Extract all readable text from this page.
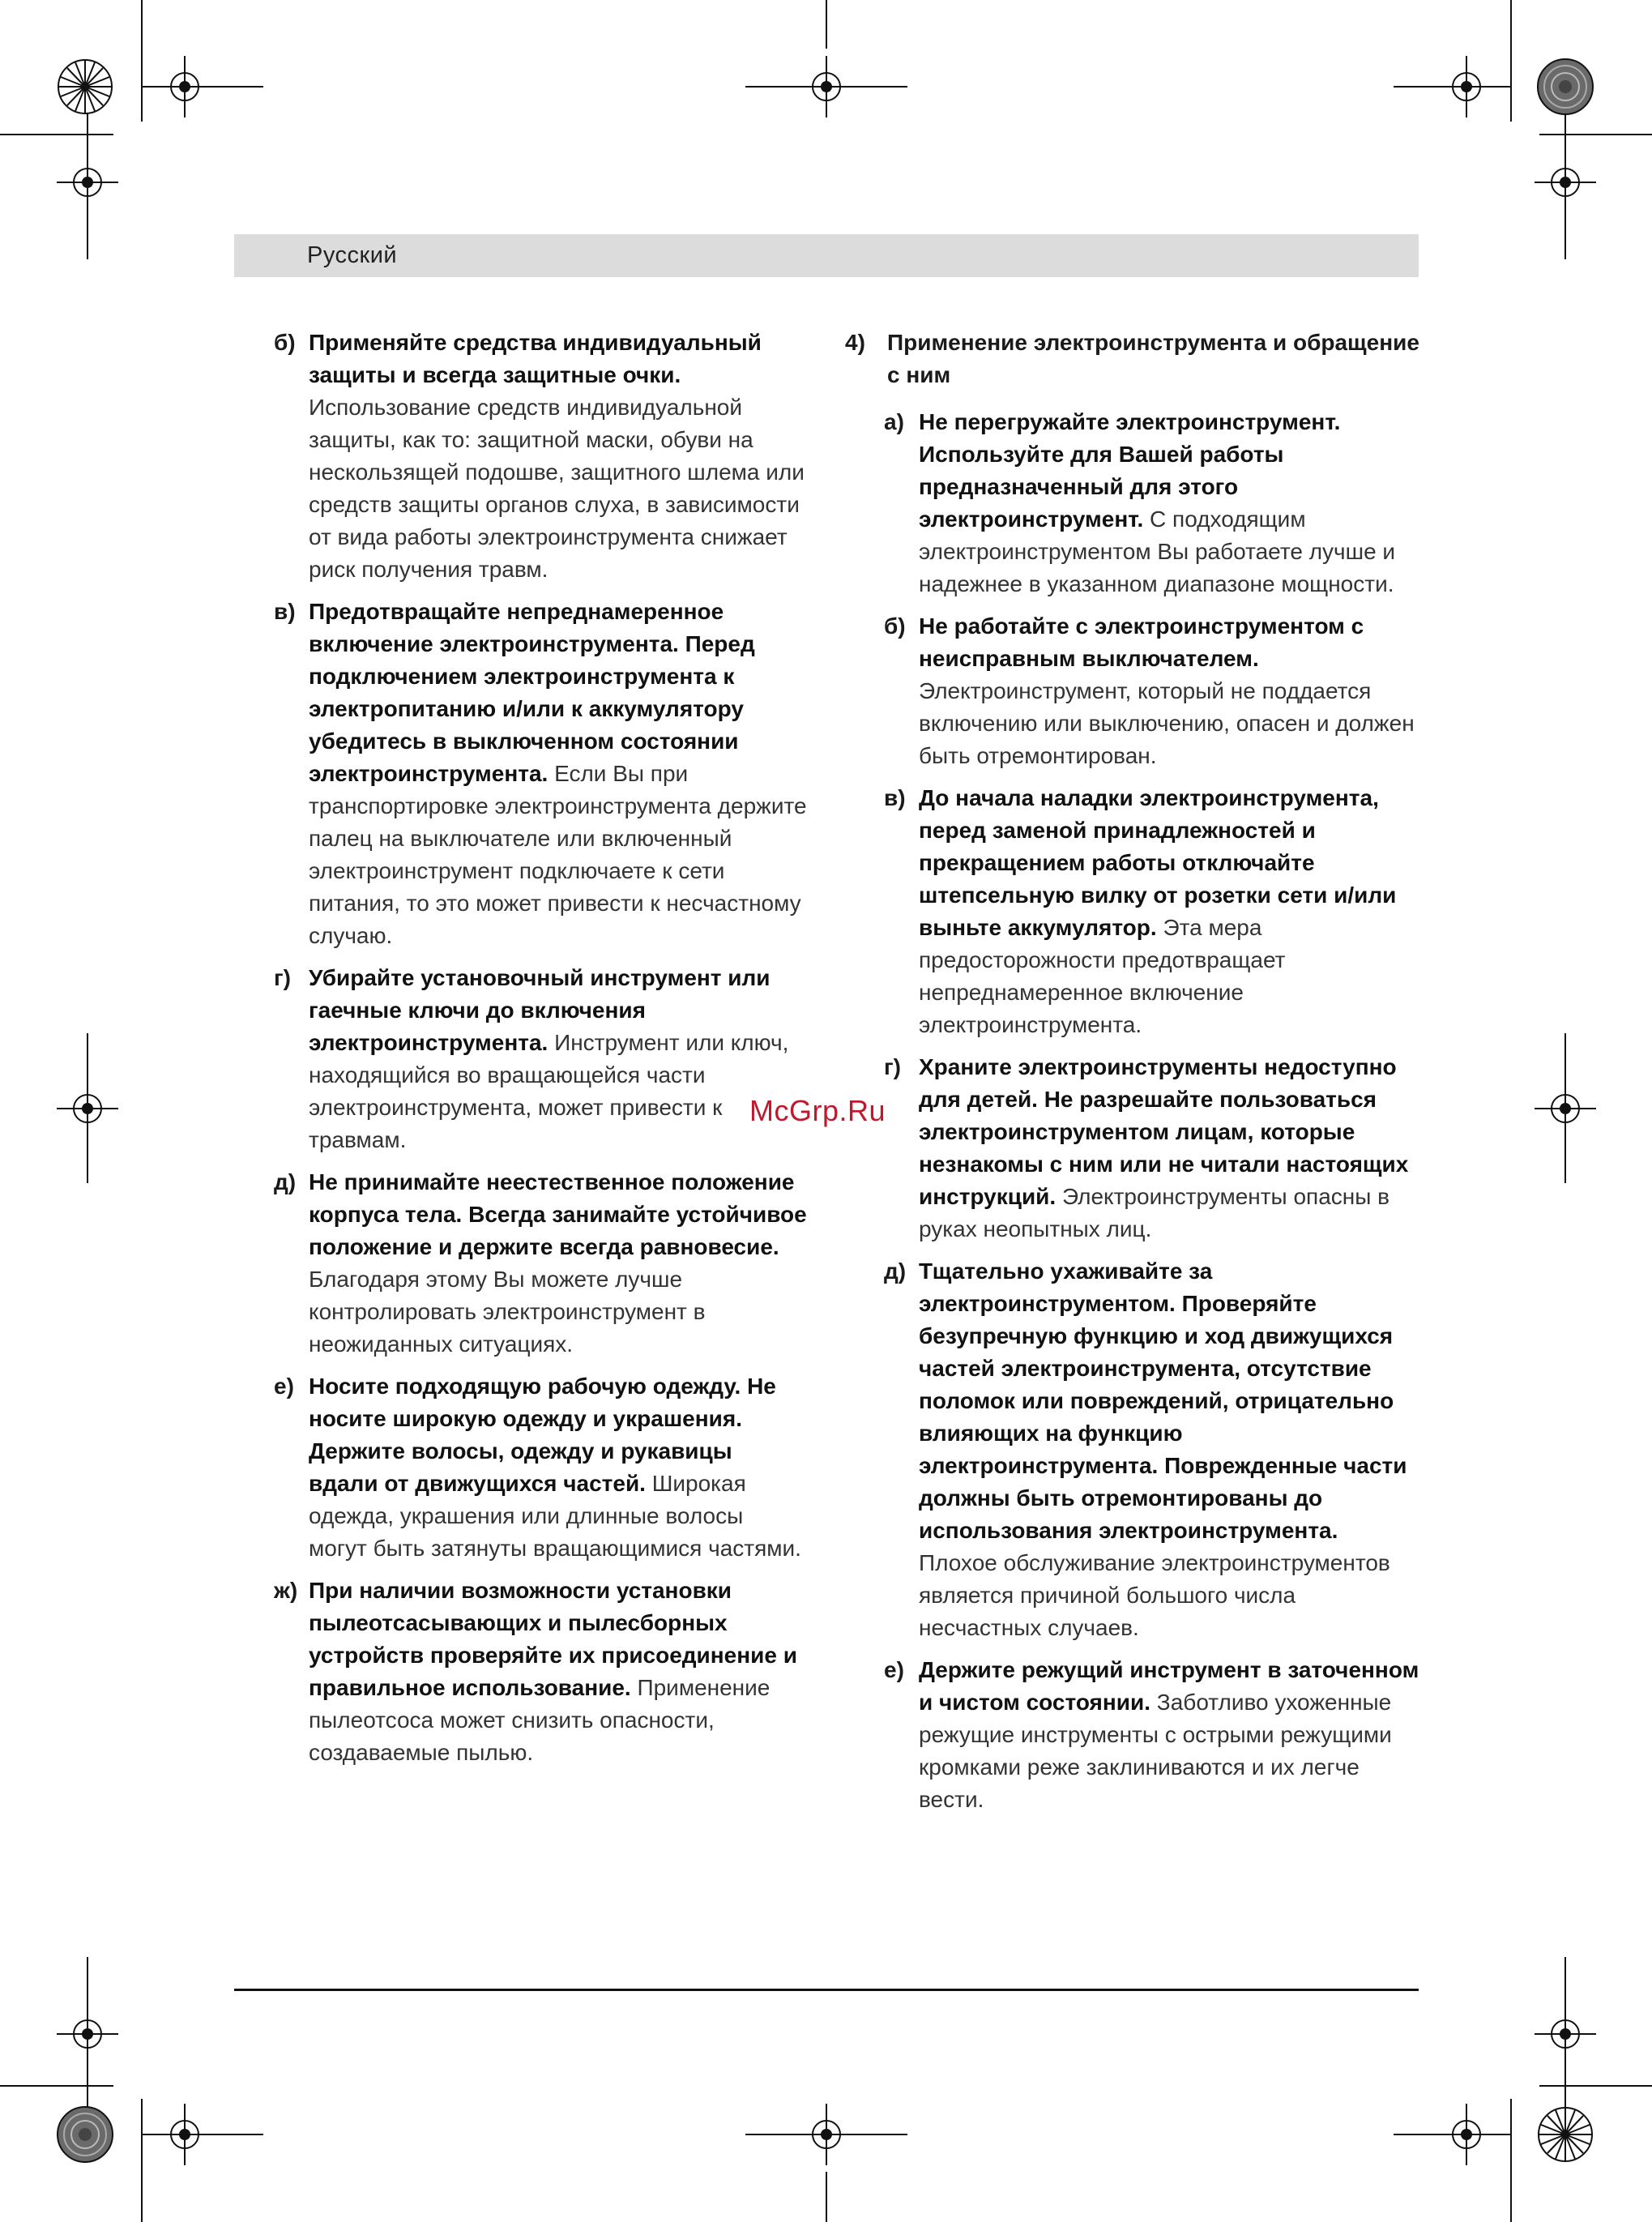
Русский
McGrp.Ru
б) Применяйте средства индивидуальный защиты и всегда защитные очки. Использование средств индивидуальной защиты, как то: защитной маски, обуви на нескользящей подошве, защитного шлема или средств защиты органов слуха, в зависимости от вида работы электроинструмента снижает риск получения травм.
в) Предотвращайте непреднамеренное включение электроинструмента. Перед подключением электроинструмента к электропитанию и/или к аккумулятору убедитесь в выключенном состоянии электроинструмента. Если Вы при транспортировке электроинструмента держите палец на выключателе или включенный электроинструмент подключаете к сети питания, то это может привести к несчастному случаю.
г) Убирайте установочный инструмент или гаечные ключи до включения электроинструмента. Инструмент или ключ, находящийся во вращающейся части электроинструмента, может привести к травмам.
д) Не принимайте неестественное положение корпуса тела. Всегда занимайте устойчивое положение и держите всегда равновесие. Благодаря этому Вы можете лучше контролировать электроинструмент в неожиданных ситуациях.
е) Носите подходящую рабочую одежду. Не носите широкую одежду и украшения. Держите волосы, одежду и рукавицы вдали от движущихся частей. Широкая одежда, украшения или длинные волосы могут быть затянуты вращающимися частями.
ж) При наличии возможности установки пылеотсасывающих и пылесборных устройств проверяйте их присоединение и правильное использование. Применение пылеотсоса может снизить опасности, создаваемые пылью.
4) Применение электроинструмента и обращение с ним
а) Не перегружайте электроинструмент. Используйте для Вашей работы предназначенный для этого электроинструмент. С подходящим электроинструментом Вы работаете лучше и надежнее в указанном диапазоне мощности.
б) Не работайте с электроинструментом с неисправным выключателем. Электроинструмент, который не поддается включению или выключению, опасен и должен быть отремонтирован.
в) До начала наладки электроинструмента, перед заменой принадлежностей и прекращением работы отключайте штепсельную вилку от розетки сети и/или выньте аккумулятор. Эта мера предосторожности предотвращает непреднамеренное включение электроинструмента.
г) Храните электроинструменты недоступно для детей. Не разрешайте пользоваться электроинструментом лицам, которые незнакомы с ним или не читали настоящих инструкций. Электроинструменты опасны в руках неопытных лиц.
д) Тщательно ухаживайте за электроинструментом. Проверяйте безупречную функцию и ход движущихся частей электроинструмента, отсутствие поломок или повреждений, отрицательно влияющих на функцию электроинструмента. Поврежденные части должны быть отремонтированы до использования электроинструмента. Плохое обслуживание электроинструментов является причиной большого числа несчастных случаев.
е) Держите режущий инструмент в заточенном и чистом состоянии. Заботливо ухоженные режущие инструменты с острыми режущими кромками реже заклиниваются и их легче вести.
